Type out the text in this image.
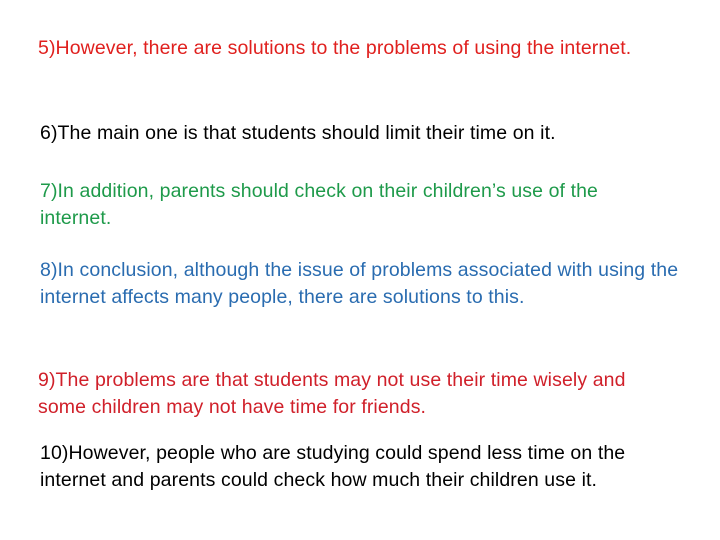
5)However, there are solutions to the problems of using the internet.

6)The main one is that students should limit their time on it.

7)In addition, parents should check on their children’s use of the internet.

8)In conclusion, although the issue of problems associated with using the internet affects many people, there are solutions to this.

9)The problems are that students may not use their time wisely and some children may not have time for friends.

10)However, people who are studying could spend less time on the internet and parents could check how much their children use it.
